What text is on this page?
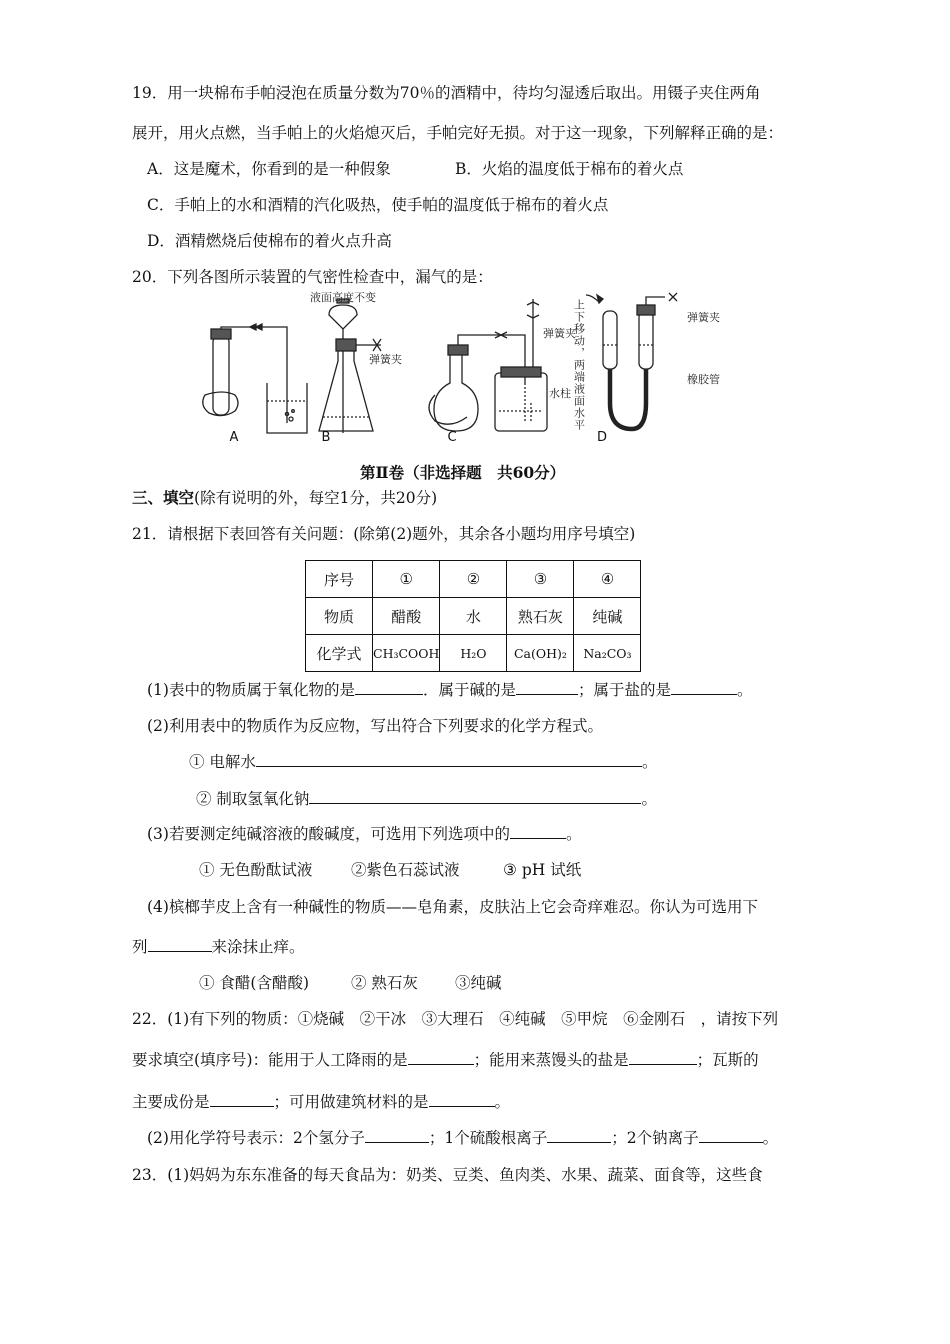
19．用一块棉布手帕浸泡在质量分数为70％的酒精中，待均匀湿透后取出。用镊子夹住两角
展开，用火点燃，当手帕上的火焰熄灭后，手帕完好无损。对于这一现象，下列解释正确的是：
A．这是魔术，你看到的是一种假象	B．火焰的温度低于棉布的着火点
C．手帕上的水和酒精的汽化吸热，使手帕的温度低于棉布的着火点
D．酒精燃烧后使棉布的着火点升高
20．下列各图所示装置的气密性检查中，漏气的是：
液面高度不变
弹簧夹
弹簧夹
水柱
弹簧夹
橡胶管
上下移动，两端液面水平
A	B	C	D
第Ⅱ卷（非选择题　共60分）
三、填空(除有说明的外，每空1分，共20分)
21．请根据下表回答有关问题：(除第(2)题外，其余各小题均用序号填空)
序号	①	②	③	④
物质	醋酸	水	熟石灰	纯碱
化学式	CH₃COOH	H₂O	Ca(OH)₂	Na₂CO₃
(1)表中的物质属于氧化物的是	．属于碱的是	；属于盐的是	。
(2)利用表中的物质作为反应物，写出符合下列要求的化学方程式。
① 电解水	。
② 制取氢氧化钠	。
(3)若要测定纯碱溶液的酸碱度，可选用下列选项中的	。
① 无色酚酞试液 ②紫色石蕊试液	③ pH 试纸
(4)槟榔芋皮上含有一种碱性的物质——皂角素，皮肤沾上它会奇痒难忍。你认为可选用下
列	来涂抹止痒。
① 食醋(含醋酸)	② 熟石灰 ③纯碱
22．(1)有下列的物质：①烧碱　②干冰　③大理石　④纯碱　⑤甲烷　⑥金刚石　，请按下列
要求填空(填序号)：能用于人工降雨的是	；能用来蒸馒头的盐是	；瓦斯的
主要成份是	；可用做建筑材料的是	。
(2)用化学符号表示：2个氢分子	；1个硫酸根离子	；2个钠离子	。
23．(1)妈妈为东东准备的每天食品为：奶类、豆类、鱼肉类、水果、蔬菜、面食等，这些食
